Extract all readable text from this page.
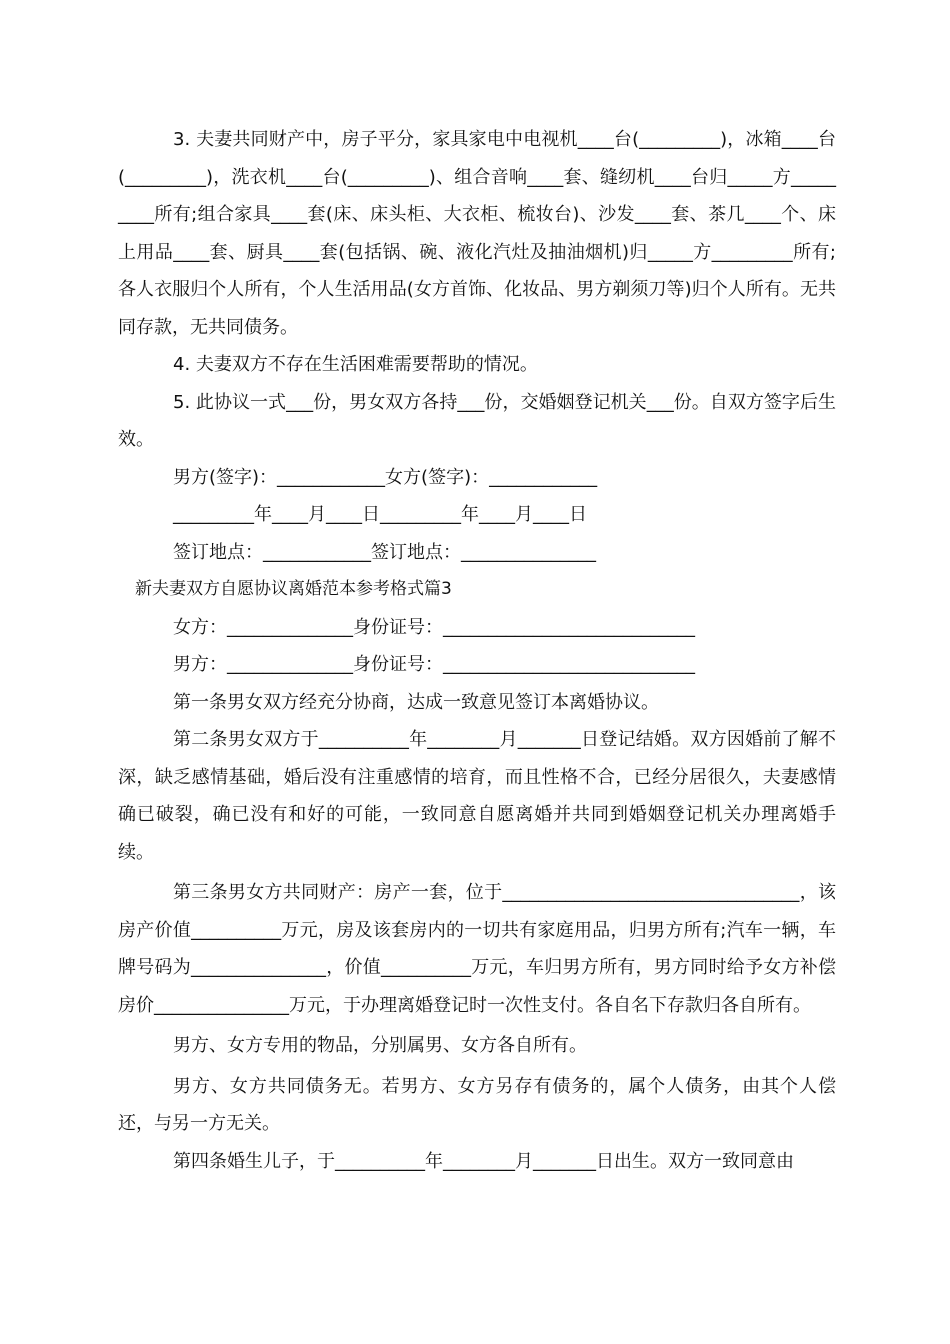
3. 夫妻共同财产中，房子平分，家具家电中电视机____台(_________)，冰箱____台(_________)，洗衣机____台(_________)、组合音响____套、缝纫机____台归_____方_________所有;组合家具____套(床、床头柜、大衣柜、梳妆台)、沙发____套、茶几____个、床上用品____套、厨具____套(包括锅、碗、液化汽灶及抽油烟机)归_____方_________所有;各人衣服归个人所有，个人生活用品(女方首饰、化妆品、男方剃须刀等)归个人所有。无共同存款，无共同债务。

4. 夫妻双方不存在生活困难需要帮助的情况。

5. 此协议一式___份，男女双方各持___份，交婚姻登记机关___份。自双方签字后生效。

男方(签字)：____________女方(签字)：____________

_________年____月____日_________年____月____日

签订地点：____________签订地点：_______________

新夫妻双方自愿协议离婚范本参考格式篇3

女方：______________身份证号：____________________________

男方：______________身份证号：____________________________

第一条男女双方经充分协商，达成一致意见签订本离婚协议。

第二条男女双方于__________年________月_______日登记结婚。双方因婚前了解不深，缺乏感情基础，婚后没有注重感情的培育，而且性格不合，已经分居很久，夫妻感情确已破裂，确已没有和好的可能，一致同意自愿离婚并共同到婚姻登记机关办理离婚手续。

第三条男女方共同财产：房产一套，位于_________________________________，该房产价值__________万元，房及该套房内的一切共有家庭用品，归男方所有;汽车一辆，车牌号码为_______________，价值__________万元，车归男方所有，男方同时给予女方补偿房价_______________万元，于办理离婚登记时一次性支付。各自名下存款归各自所有。

男方、女方专用的物品，分别属男、女方各自所有。

男方、女方共同债务无。若男方、女方另存有债务的，属个人债务，由其个人偿还，与另一方无关。

第四条婚生儿子，于__________年________月_______日出生。双方一致同意由
